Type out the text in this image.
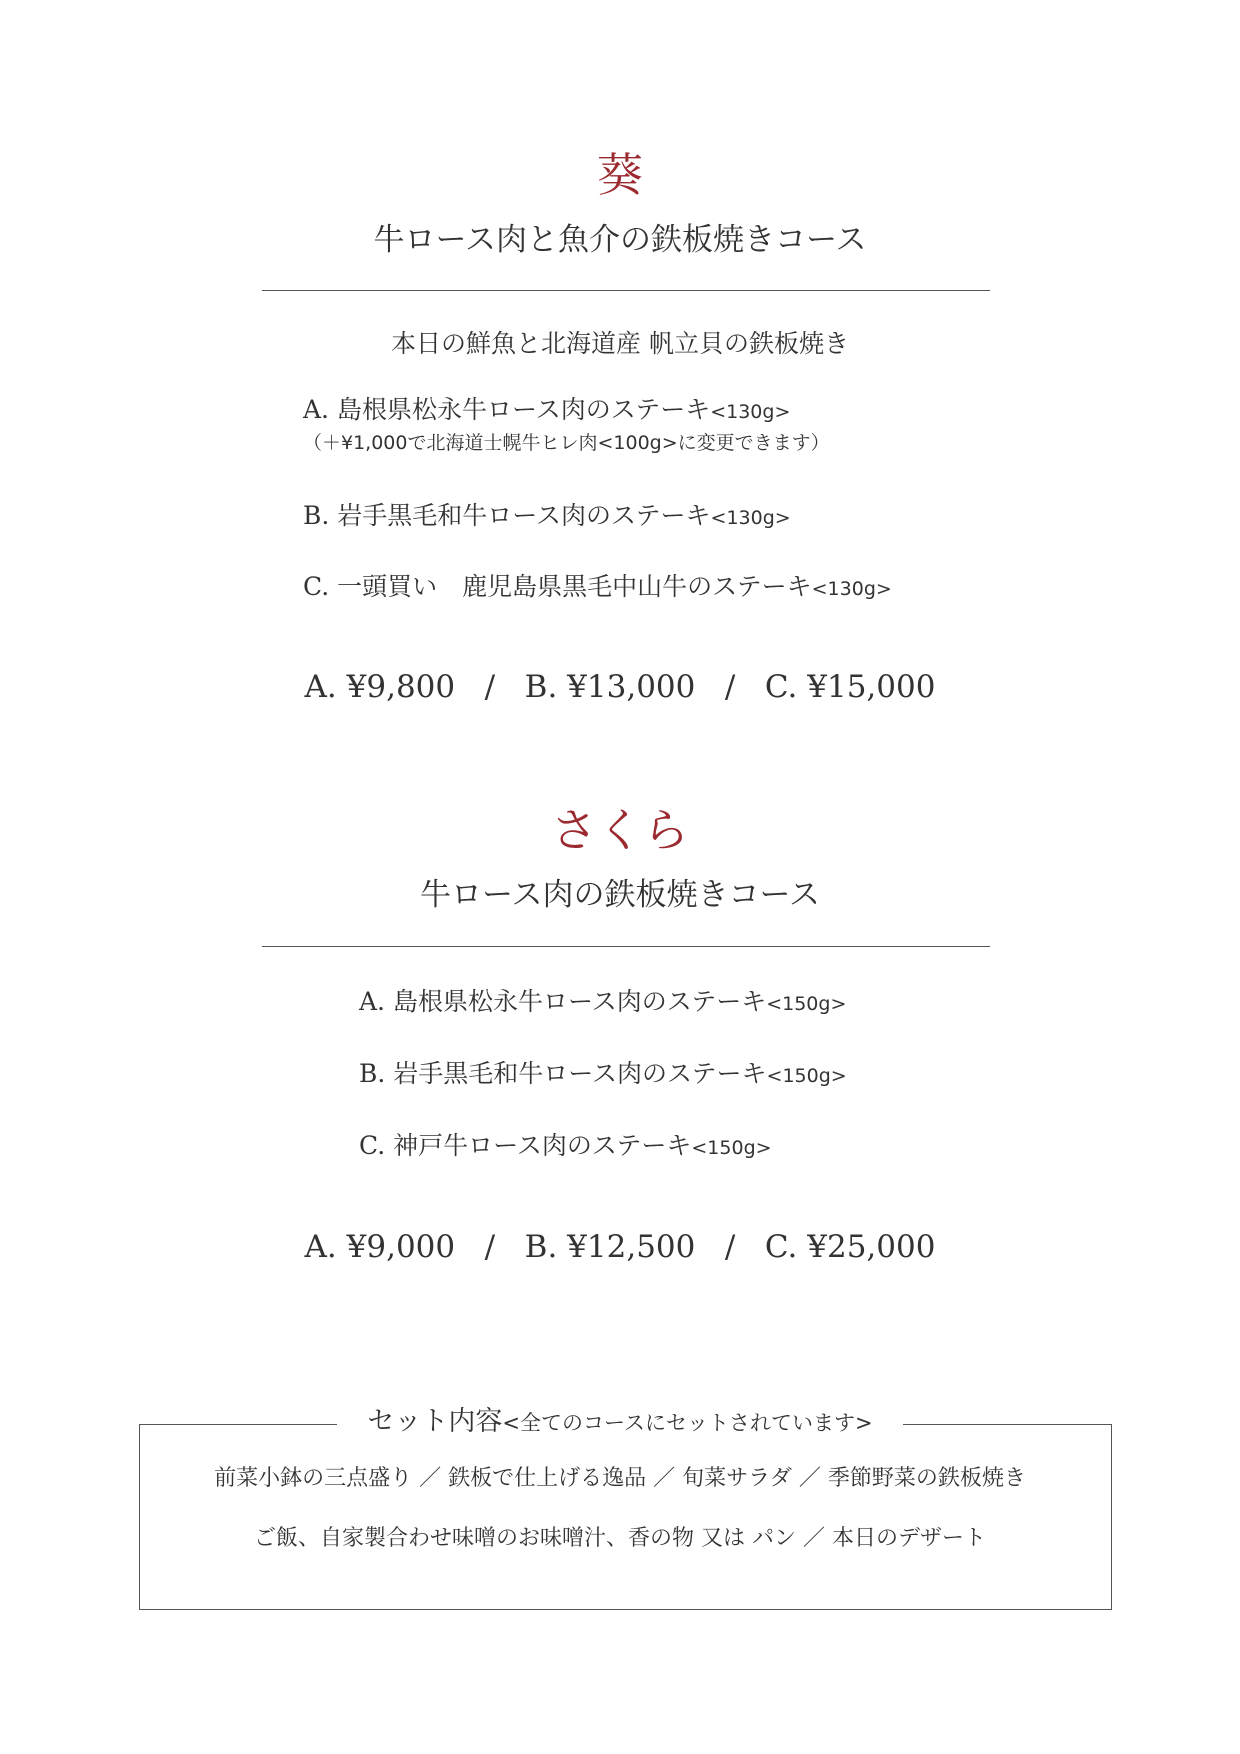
葵
牛ロース肉と魚介の鉄板焼きコース
本日の鮮魚と北海道産 帆立貝の鉄板焼き
A. 島根県松永牛ロース肉のステーキ<130g>
（＋¥1,000で北海道士幌牛ヒレ肉<100g>に変更できます）
B. 岩手黒毛和牛ロース肉のステーキ<130g>
C. 一頭買い　鹿児島県黒毛中山牛のステーキ<130g>
A. ¥9,800   /   B. ¥13,000   /   C. ¥15,000
さくら
牛ロース肉の鉄板焼きコース
A. 島根県松永牛ロース肉のステーキ<150g>
B. 岩手黒毛和牛ロース肉のステーキ<150g>
C. 神戸牛ロース肉のステーキ<150g>
A. ¥9,000   /   B. ¥12,500   /   C. ¥25,000
セット内容<全てのコースにセットされています>
前菜小鉢の三点盛り ／ 鉄板で仕上げる逸品 ／ 旬菜サラダ ／ 季節野菜の鉄板焼き
ご飯、自家製合わせ味噌のお味噌汁、香の物 又は パン ／ 本日のデザート
